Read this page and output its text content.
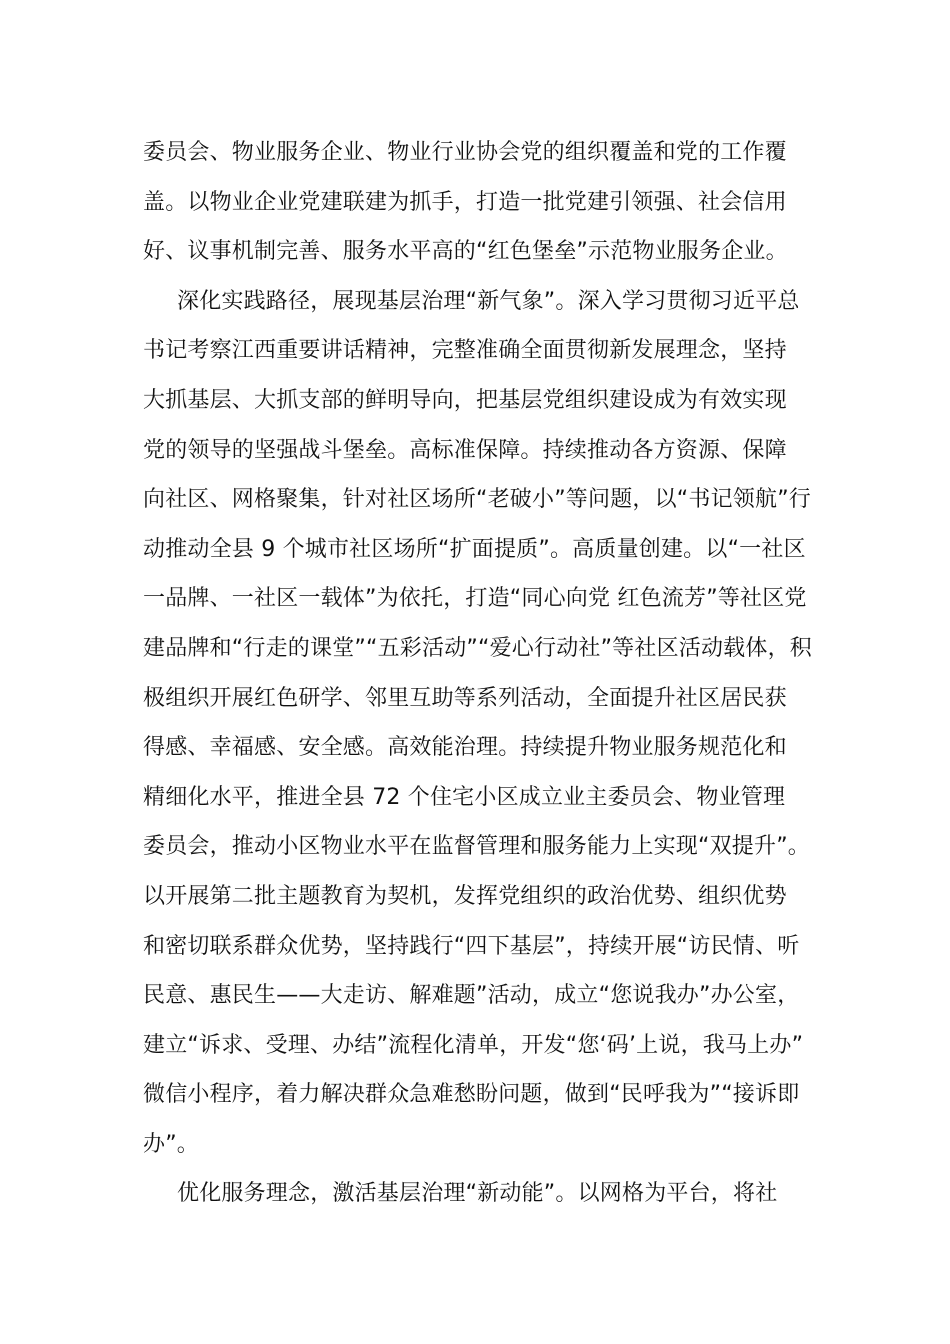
委员会、物业服务企业、物业行业协会党的组织覆盖和党的工作覆
盖。以物业企业党建联建为抓手，打造一批党建引领强、社会信用
好、议事机制完善、服务水平高的“红色堡垒”示范物业服务企业。
深化实践路径，展现基层治理“新气象”。深入学习贯彻习近平总
书记考察江西重要讲话精神，完整准确全面贯彻新发展理念，坚持
大抓基层、大抓支部的鲜明导向，把基层党组织建设成为有效实现
党的领导的坚强战斗堡垒。高标准保障。持续推动各方资源、保障
向社区、网格聚集，针对社区场所“老破小”等问题，以“书记领航”行
动推动全县 9 个城市社区场所“扩面提质”。高质量创建。以“一社区
一品牌、一社区一载体”为依托，打造“同心向党 红色流芳”等社区党
建品牌和“行走的课堂”“五彩活动”“爱心行动社”等社区活动载体，积
极组织开展红色研学、邻里互助等系列活动，全面提升社区居民获
得感、幸福感、安全感。高效能治理。持续提升物业服务规范化和
精细化水平，推进全县 72 个住宅小区成立业主委员会、物业管理
委员会，推动小区物业水平在监督管理和服务能力上实现“双提升”。
以开展第二批主题教育为契机，发挥党组织的政治优势、组织优势
和密切联系群众优势，坚持践行“四下基层”，持续开展“访民情、听
民意、惠民生——大走访、解难题”活动，成立“您说我办”办公室，
建立“诉求、受理、办结”流程化清单，开发“您‘码’上说，我马上办”
微信小程序，着力解决群众急难愁盼问题，做到“民呼我为”“接诉即
办”。
优化服务理念，激活基层治理“新动能”。以网格为平台，将社
